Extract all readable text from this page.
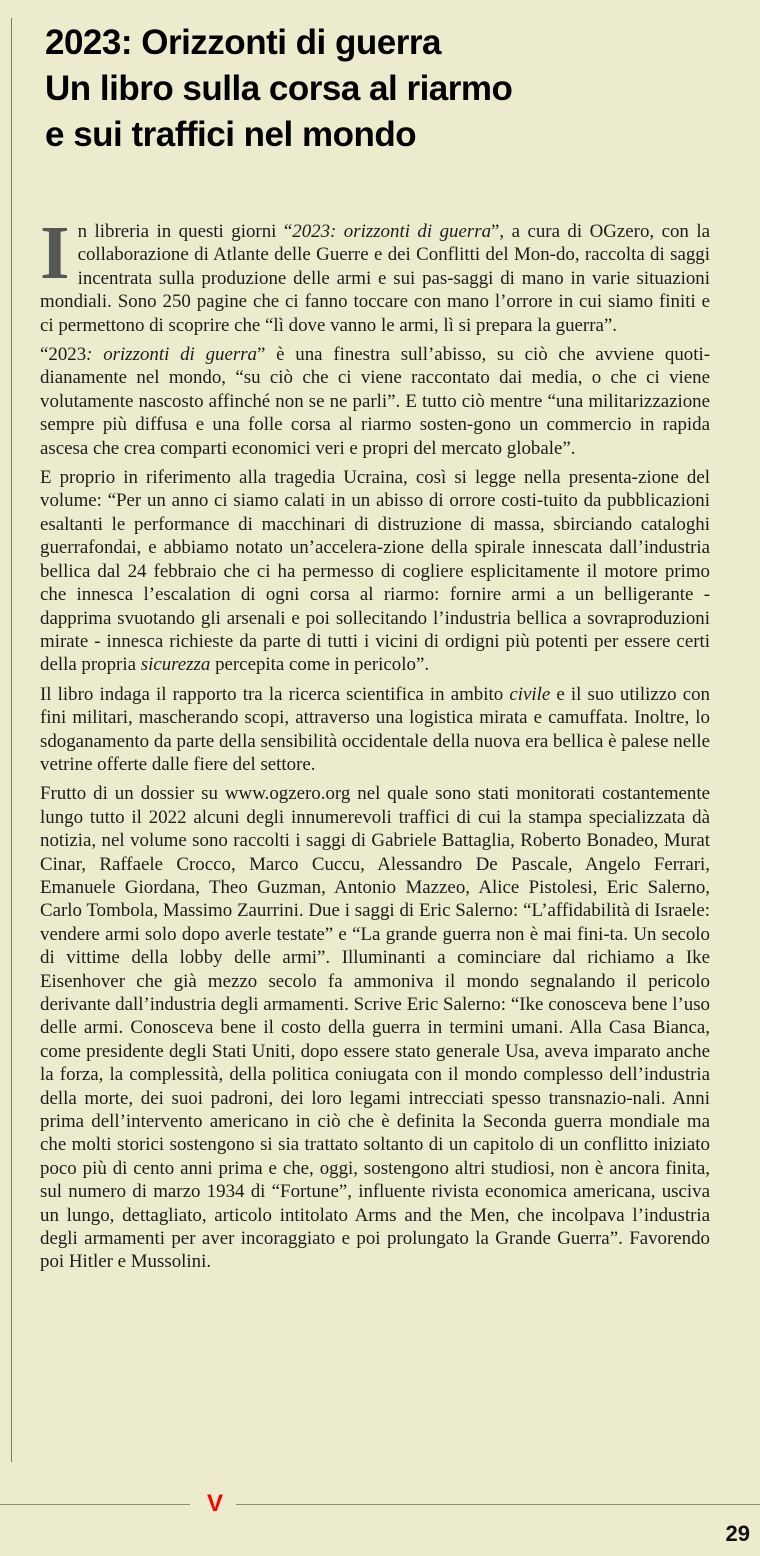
2023: Orizzonti di guerra
Un libro sulla corsa al riarmo
e sui traffici nel mondo

In libreria in questi giorni “2023: orizzonti di guerra”, a cura di OGzero, con la collaborazione di Atlante delle Guerre e dei Conflitti del Mon-do, raccolta di saggi incentrata sulla produzione delle armi e sui pas-saggi di mano in varie situazioni mondiali. Sono 250 pagine che ci fanno toccare con mano l’orrore in cui siamo finiti e ci permettono di scoprire che “lì dove vanno le armi, lì si prepara la guerra”.

“2023: orizzonti di guerra” è una finestra sull’abisso, su ciò che avviene quoti-dianamente nel mondo, “su ciò che ci viene raccontato dai media, o che ci viene volutamente nascosto affinché non se ne parli”. E tutto ciò mentre “una militarizzazione sempre più diffusa e una folle corsa al riarmo sosten-gono un commercio in rapida ascesa che crea comparti economici veri e propri del mercato globale”.

E proprio in riferimento alla tragedia Ucraina, così si legge nella presenta-zione del volume: “Per un anno ci siamo calati in un abisso di orrore costi-tuito da pubblicazioni esaltanti le performance di macchinari di distruzione di massa, sbirciando cataloghi guerrafondai, e abbiamo notato un’accelera-zione della spirale innescata dall’industria bellica dal 24 febbraio che ci ha permesso di cogliere esplicitamente il motore primo che innesca l’escalation di ogni corsa al riarmo: fornire armi a un belligerante - dapprima svuotando gli arsenali e poi sollecitando l’industria bellica a sovraproduzioni mirate - innesca richieste da parte di tutti i vicini di ordigni più potenti per essere certi della propria sicurezza percepita come in pericolo”.

Il libro indaga il rapporto tra la ricerca scientifica in ambito civile e il suo utilizzo con fini militari, mascherando scopi, attraverso una logistica mirata e camuffata. Inoltre, lo sdoganamento da parte della sensibilità occidentale della nuova era bellica è palese nelle vetrine offerte dalle fiere del settore.

Frutto di un dossier su www.ogzero.org nel quale sono stati monitorati costantemente lungo tutto il 2022 alcuni degli innumerevoli traffici di cui la stampa specializzata dà notizia, nel volume sono raccolti i saggi di Gabriele Battaglia, Roberto Bonadeo, Murat Cinar, Raffaele Crocco, Marco Cuccu, Alessandro De Pascale, Angelo Ferrari, Emanuele Giordana, Theo Guzman, Antonio Mazzeo, Alice Pistolesi, Eric Salerno, Carlo Tombola, Massimo Zaurrini. Due i saggi di Eric Salerno: “L’affidabilità di Israele: vendere armi solo dopo averle testate” e “La grande guerra non è mai fini-ta. Un secolo di vittime della lobby delle armi”. Illuminanti a cominciare dal richiamo a Ike Eisenhover che già mezzo secolo fa ammoniva il mondo segnalando il pericolo derivante dall’industria degli armamenti. Scrive Eric Salerno: “Ike conosceva bene l’uso delle armi. Conosceva bene il costo della guerra in termini umani. Alla Casa Bianca, come presidente degli Stati Uniti, dopo essere stato generale Usa, aveva imparato anche la forza, la complessità, della politica coniugata con il mondo complesso dell’industria della morte, dei suoi padroni, dei loro legami intrecciati spesso transnazio-nali. Anni prima dell’intervento americano in ciò che è definita la Seconda guerra mondiale ma che molti storici sostengono si sia trattato soltanto di un capitolo di un conflitto iniziato poco più di cento anni prima e che, oggi, sostengono altri studiosi, non è ancora finita, sul numero di marzo 1934 di “Fortune”, influente rivista economica americana, usciva un lungo, dettagliato, articolo intitolato Arms and the Men, che incolpava l’industria degli armamenti per aver incoraggiato e poi prolungato la Grande Guerra”. Favorendo poi Hitler e Mussolini.

V
29
